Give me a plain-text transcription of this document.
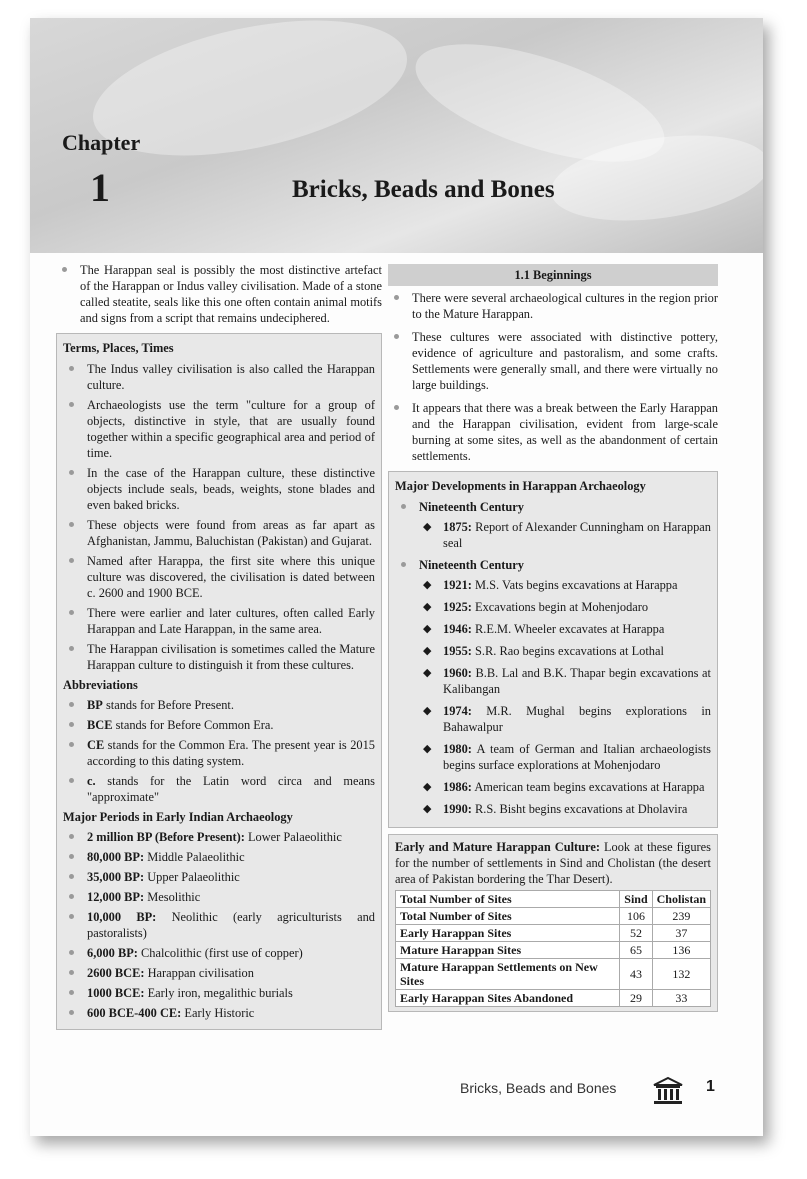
Chapter
1	Bricks, Beads and Bones
The Harappan seal is possibly the most distinctive artefact of the Harappan or Indus valley civilisation. Made of a stone called steatite, seals like this one often contain animal motifs and signs from a script that remains undeciphered.
Terms, Places, Times
The Indus valley civilisation is also called the Harappan culture.
Archaeologists use the term "culture for a group of objects, distinctive in style, that are usually found together within a specific geographical area and period of time.
In the case of the Harappan culture, these distinctive objects include seals, beads, weights, stone blades and even baked bricks.
These objects were found from areas as far apart as Afghanistan, Jammu, Baluchistan (Pakistan) and Gujarat.
Named after Harappa, the first site where this unique culture was discovered, the civilisation is dated between c. 2600 and 1900 BCE.
There were earlier and later cultures, often called Early Harappan and Late Harappan, in the same area.
The Harappan civilisation is sometimes called the Mature Harappan culture to distinguish it from these cultures.
Abbreviations
BP stands for Before Present.
BCE stands for Before Common Era.
CE stands for the Common Era. The present year is 2015 according to this dating system.
c. stands for the Latin word circa and means "approximate"
Major Periods in Early Indian Archaeology
2 million BP (Before Present): Lower Palaeolithic
80,000 BP: Middle Palaeolithic
35,000 BP: Upper Palaeolithic
12,000 BP: Mesolithic
10,000 BP: Neolithic (early agriculturists and pastoralists)
6,000 BP: Chalcolithic (first use of copper)
2600 BCE: Harappan civilisation
1000 BCE: Early iron, megalithic burials
600 BCE-400 CE: Early Historic
1.1 Beginnings
There were several archaeological cultures in the region prior to the Mature Harappan.
These cultures were associated with distinctive pottery, evidence of agriculture and pastoralism, and some crafts. Settlements were generally small, and there were virtually no large buildings.
It appears that there was a break between the Early Harappan and the Harappan civilisation, evident from large-scale burning at some sites, as well as the abandonment of certain settlements.
Major Developments in Harappan Archaeology
Nineteenth Century
◆ 1875: Report of Alexander Cunningham on Harappan seal
Nineteenth Century
◆ 1921: M.S. Vats begins excavations at Harappa
◆ 1925: Excavations begin at Mohenjodaro
◆ 1946: R.E.M. Wheeler excavates at Harappa
◆ 1955: S.R. Rao begins excavations at Lothal
◆ 1960: B.B. Lal and B.K. Thapar begin excavations at Kalibangan
◆ 1974: M.R. Mughal begins explorations in Bahawalpur
◆ 1980: A team of German and Italian archaeologists begins surface explorations at Mohenjodaro
◆ 1986: American team begins excavations at Harappa
◆ 1990: R.S. Bisht begins excavations at Dholavira
Early and Mature Harappan Culture: Look at these figures for the number of settlements in Sind and Cholistan (the desert area of Pakistan bordering the Thar Desert).
Total Number of Sites	Sind	Cholistan
Total Number of Sites	106	239
Early Harappan Sites	52	37
Mature Harappan Sites	65	136
Mature Harappan Settlements on New Sites	43	132
Early Harappan Sites Abandoned	29	33
Bricks, Beads and Bones	1
